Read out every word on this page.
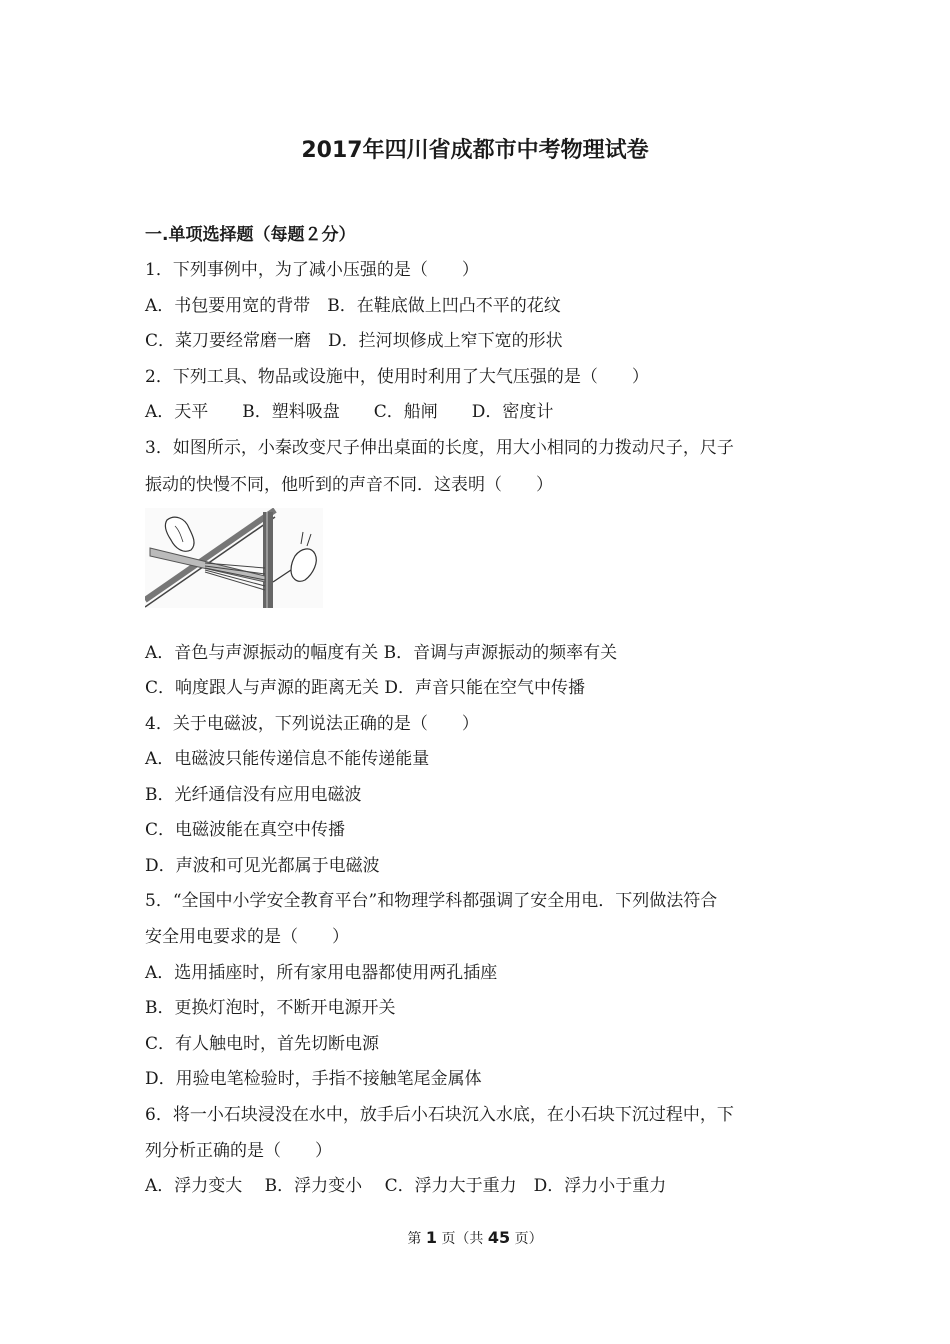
2017年四川省成都市中考物理试卷
一.单项选择题（每题２分）
1．下列事例中，为了减小压强的是（　　）
A．书包要用宽的背带　B．在鞋底做上凹凸不平的花纹
C．菜刀要经常磨一磨　D．拦河坝修成上窄下宽的形状
2．下列工具、物品或设施中，使用时利用了大气压强的是（　　）
A．天平　　B．塑料吸盘　　C．船闸　　D．密度计
3．如图所示，小秦改变尺子伸出桌面的长度，用大小相同的力拨动尺子，尺子
振动的快慢不同，他听到的声音不同．这表明（　　）
A．音色与声源振动的幅度有关 B．音调与声源振动的频率有关
C．响度跟人与声源的距离无关 D．声音只能在空气中传播
4．关于电磁波，下列说法正确的是（　　）
A．电磁波只能传递信息不能传递能量
B．光纤通信没有应用电磁波
C．电磁波能在真空中传播
D．声波和可见光都属于电磁波
5．“全国中小学安全教育平台”和物理学科都强调了安全用电．下列做法符合
安全用电要求的是（　　）
A．选用插座时，所有家用电器都使用两孔插座
B．更换灯泡时，不断开电源开关
C．有人触电时，首先切断电源
D．用验电笔检验时，手指不接触笔尾金属体
6．将一小石块浸没在水中，放手后小石块沉入水底，在小石块下沉过程中，下
列分析正确的是（　　）
A．浮力变大　 B．浮力变小　 C．浮力大于重力　D．浮力小于重力
第 1 页（共 45 页）
